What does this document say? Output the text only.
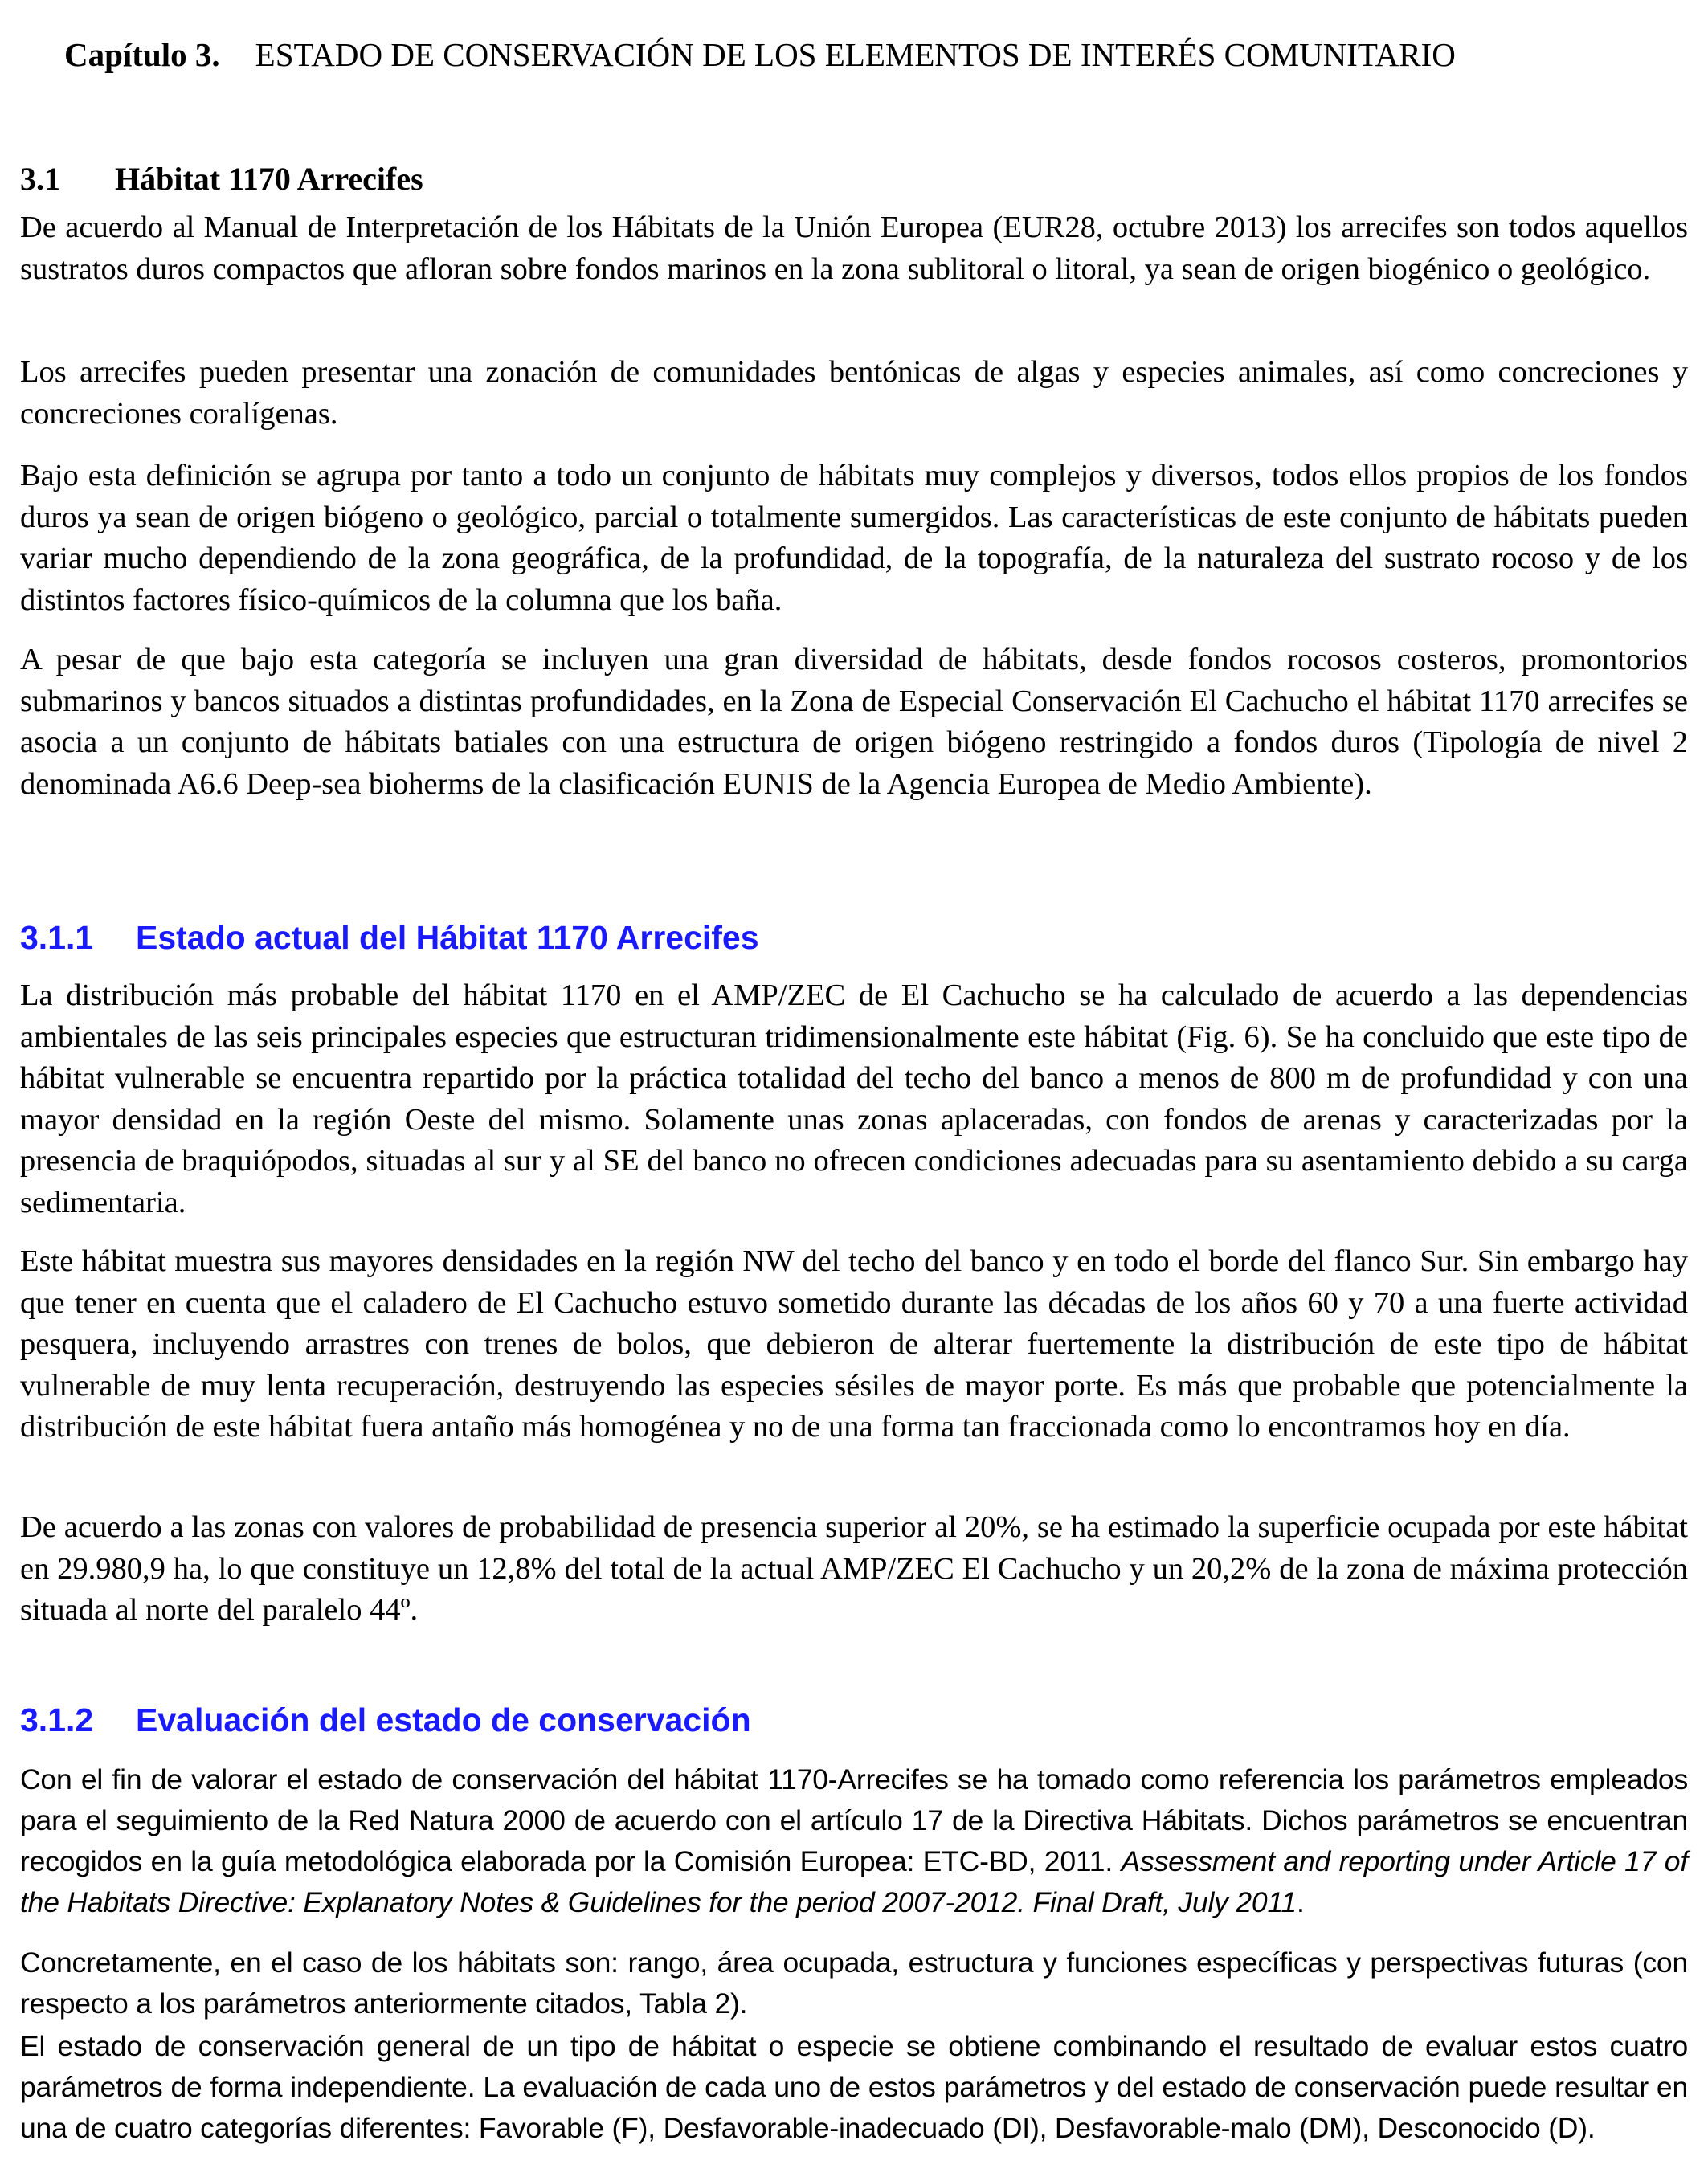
Capítulo 3. ESTADO DE CONSERVACIÓN DE LOS ELEMENTOS DE INTERÉS COMUNITARIO
3.1 Hábitat 1170 Arrecifes
De acuerdo al Manual de Interpretación de los Hábitats de la Unión Europea (EUR28, octubre 2013) los arrecifes son todos aquellos sustratos duros compactos que afloran sobre fondos marinos en la zona sublitoral o litoral, ya sean de origen biogénico o geológico.
Los arrecifes pueden presentar una zonación de comunidades bentónicas de algas y especies animales, así como concreciones y concreciones coralígenas.
Bajo esta definición se agrupa por tanto a todo un conjunto de hábitats muy complejos y diversos, todos ellos propios de los fondos duros ya sean de origen biógeno o geológico, parcial o totalmente sumergidos. Las características de este conjunto de hábitats pueden variar mucho dependiendo de la zona geográfica, de la profundidad, de la topografía, de la naturaleza del sustrato rocoso y de los distintos factores físico-químicos de la columna que los baña.
A pesar de que bajo esta categoría se incluyen una gran diversidad de hábitats, desde fondos rocosos costeros, promontorios submarinos y bancos situados a distintas profundidades, en la Zona de Especial Conservación El Cachucho el hábitat 1170 arrecifes se asocia a un conjunto de hábitats batiales con una estructura de origen biógeno restringido a fondos duros (Tipología de nivel 2 denominada A6.6 Deep-sea bioherms de la clasificación EUNIS de la Agencia Europea de Medio Ambiente).
3.1.1 Estado actual del Hábitat 1170 Arrecifes
La distribución más probable del hábitat 1170 en el AMP/ZEC de El Cachucho se ha calculado de acuerdo a las dependencias ambientales de las seis principales especies que estructuran tridimensionalmente este hábitat (Fig. 6). Se ha concluido que este tipo de hábitat vulnerable se encuentra repartido por la práctica totalidad del techo del banco a menos de 800 m de profundidad y con una mayor densidad en la región Oeste del mismo. Solamente unas zonas aplaceradas, con fondos de arenas y caracterizadas por la presencia de braquiópodos, situadas al sur y al SE del banco no ofrecen condiciones adecuadas para su asentamiento debido a su carga sedimentaria.
Este hábitat muestra sus mayores densidades en la región NW del techo del banco y en todo el borde del flanco Sur. Sin embargo hay que tener en cuenta que el caladero de El Cachucho estuvo sometido durante las décadas de los años 60 y 70 a una fuerte actividad pesquera, incluyendo arrastres con trenes de bolos, que debieron de alterar fuertemente la distribución de este tipo de hábitat vulnerable de muy lenta recuperación, destruyendo las especies sésiles de mayor porte. Es más que probable que potencialmente la distribución de este hábitat fuera antaño más homogénea y no de una forma tan fraccionada como lo encontramos hoy en día.
De acuerdo a las zonas con valores de probabilidad de presencia superior al 20%, se ha estimado la superficie ocupada por este hábitat en 29.980,9 ha, lo que constituye un 12,8% del total de la actual AMP/ZEC El Cachucho y un 20,2% de la zona de máxima protección situada al norte del paralelo 44º.
3.1.2 Evaluación del estado de conservación
Con el fin de valorar el estado de conservación del hábitat 1170-Arrecifes se ha tomado como referencia los parámetros empleados para el seguimiento de la Red Natura 2000 de acuerdo con el artículo 17 de la Directiva Hábitats. Dichos parámetros se encuentran recogidos en la guía metodológica elaborada por la Comisión Europea: ETC-BD, 2011. Assessment and reporting under Article 17 of the Habitats Directive: Explanatory Notes & Guidelines for the period 2007-2012. Final Draft, July 2011.
Concretamente, en el caso de los hábitats son: rango, área ocupada, estructura y funciones específicas y perspectivas futuras (con respecto a los parámetros anteriormente citados, Tabla 2).
El estado de conservación general de un tipo de hábitat o especie se obtiene combinando el resultado de evaluar estos cuatro parámetros de forma independiente. La evaluación de cada uno de estos parámetros y del estado de conservación puede resultar en una de cuatro categorías diferentes: Favorable (F), Desfavorable-inadecuado (DI), Desfavorable-malo (DM), Desconocido (D).
